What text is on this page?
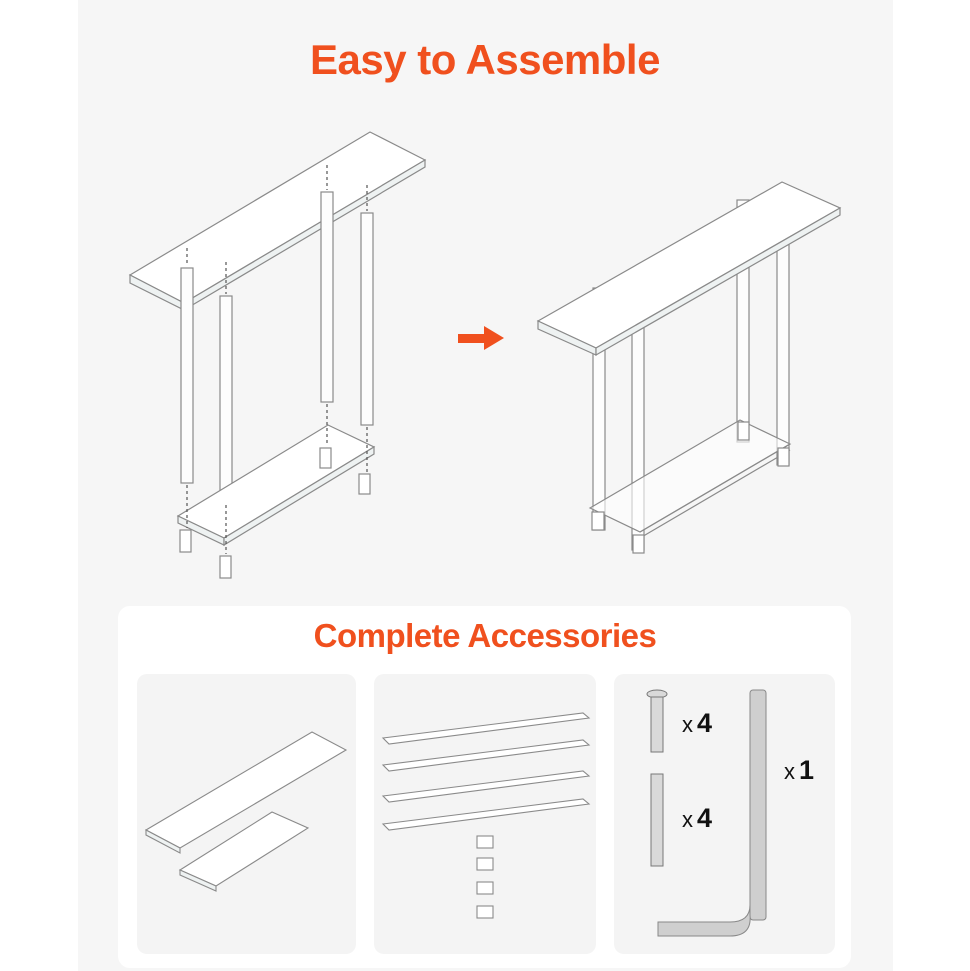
Easy to Assemble
Complete Accessories
x 4
x 4
x 1
